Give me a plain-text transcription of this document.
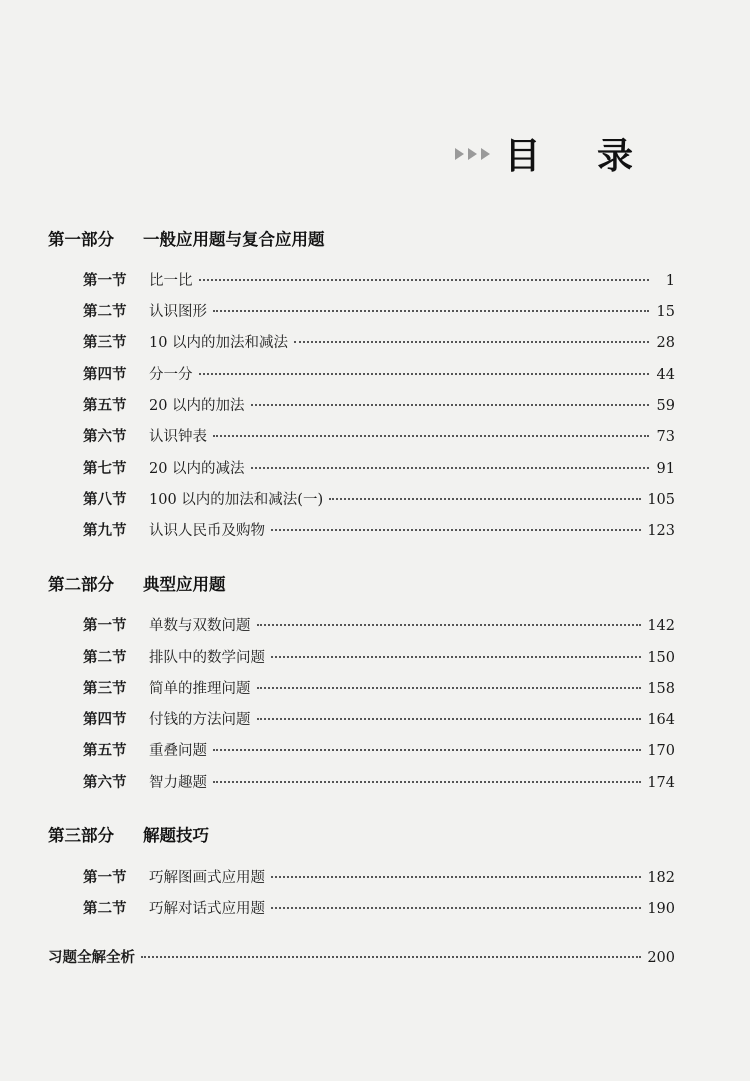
目 录
第一部分 一般应用题与复合应用题
第一节	比一比	1
第二节	认识图形	15
第三节	10 以内的加法和减法	28
第四节	分一分	44
第五节	20 以内的加法	59
第六节	认识钟表	73
第七节	20 以内的减法	91
第八节	100 以内的加法和减法(一)	105
第九节	认识人民币及购物	123
第二部分 典型应用题
第一节	单数与双数问题	142
第二节	排队中的数学问题	150
第三节	简单的推理问题	158
第四节	付钱的方法问题	164
第五节	重叠问题	170
第六节	智力趣题	174
第三部分 解题技巧
第一节	巧解图画式应用题	182
第二节	巧解对话式应用题	190
习题全解全析	200
